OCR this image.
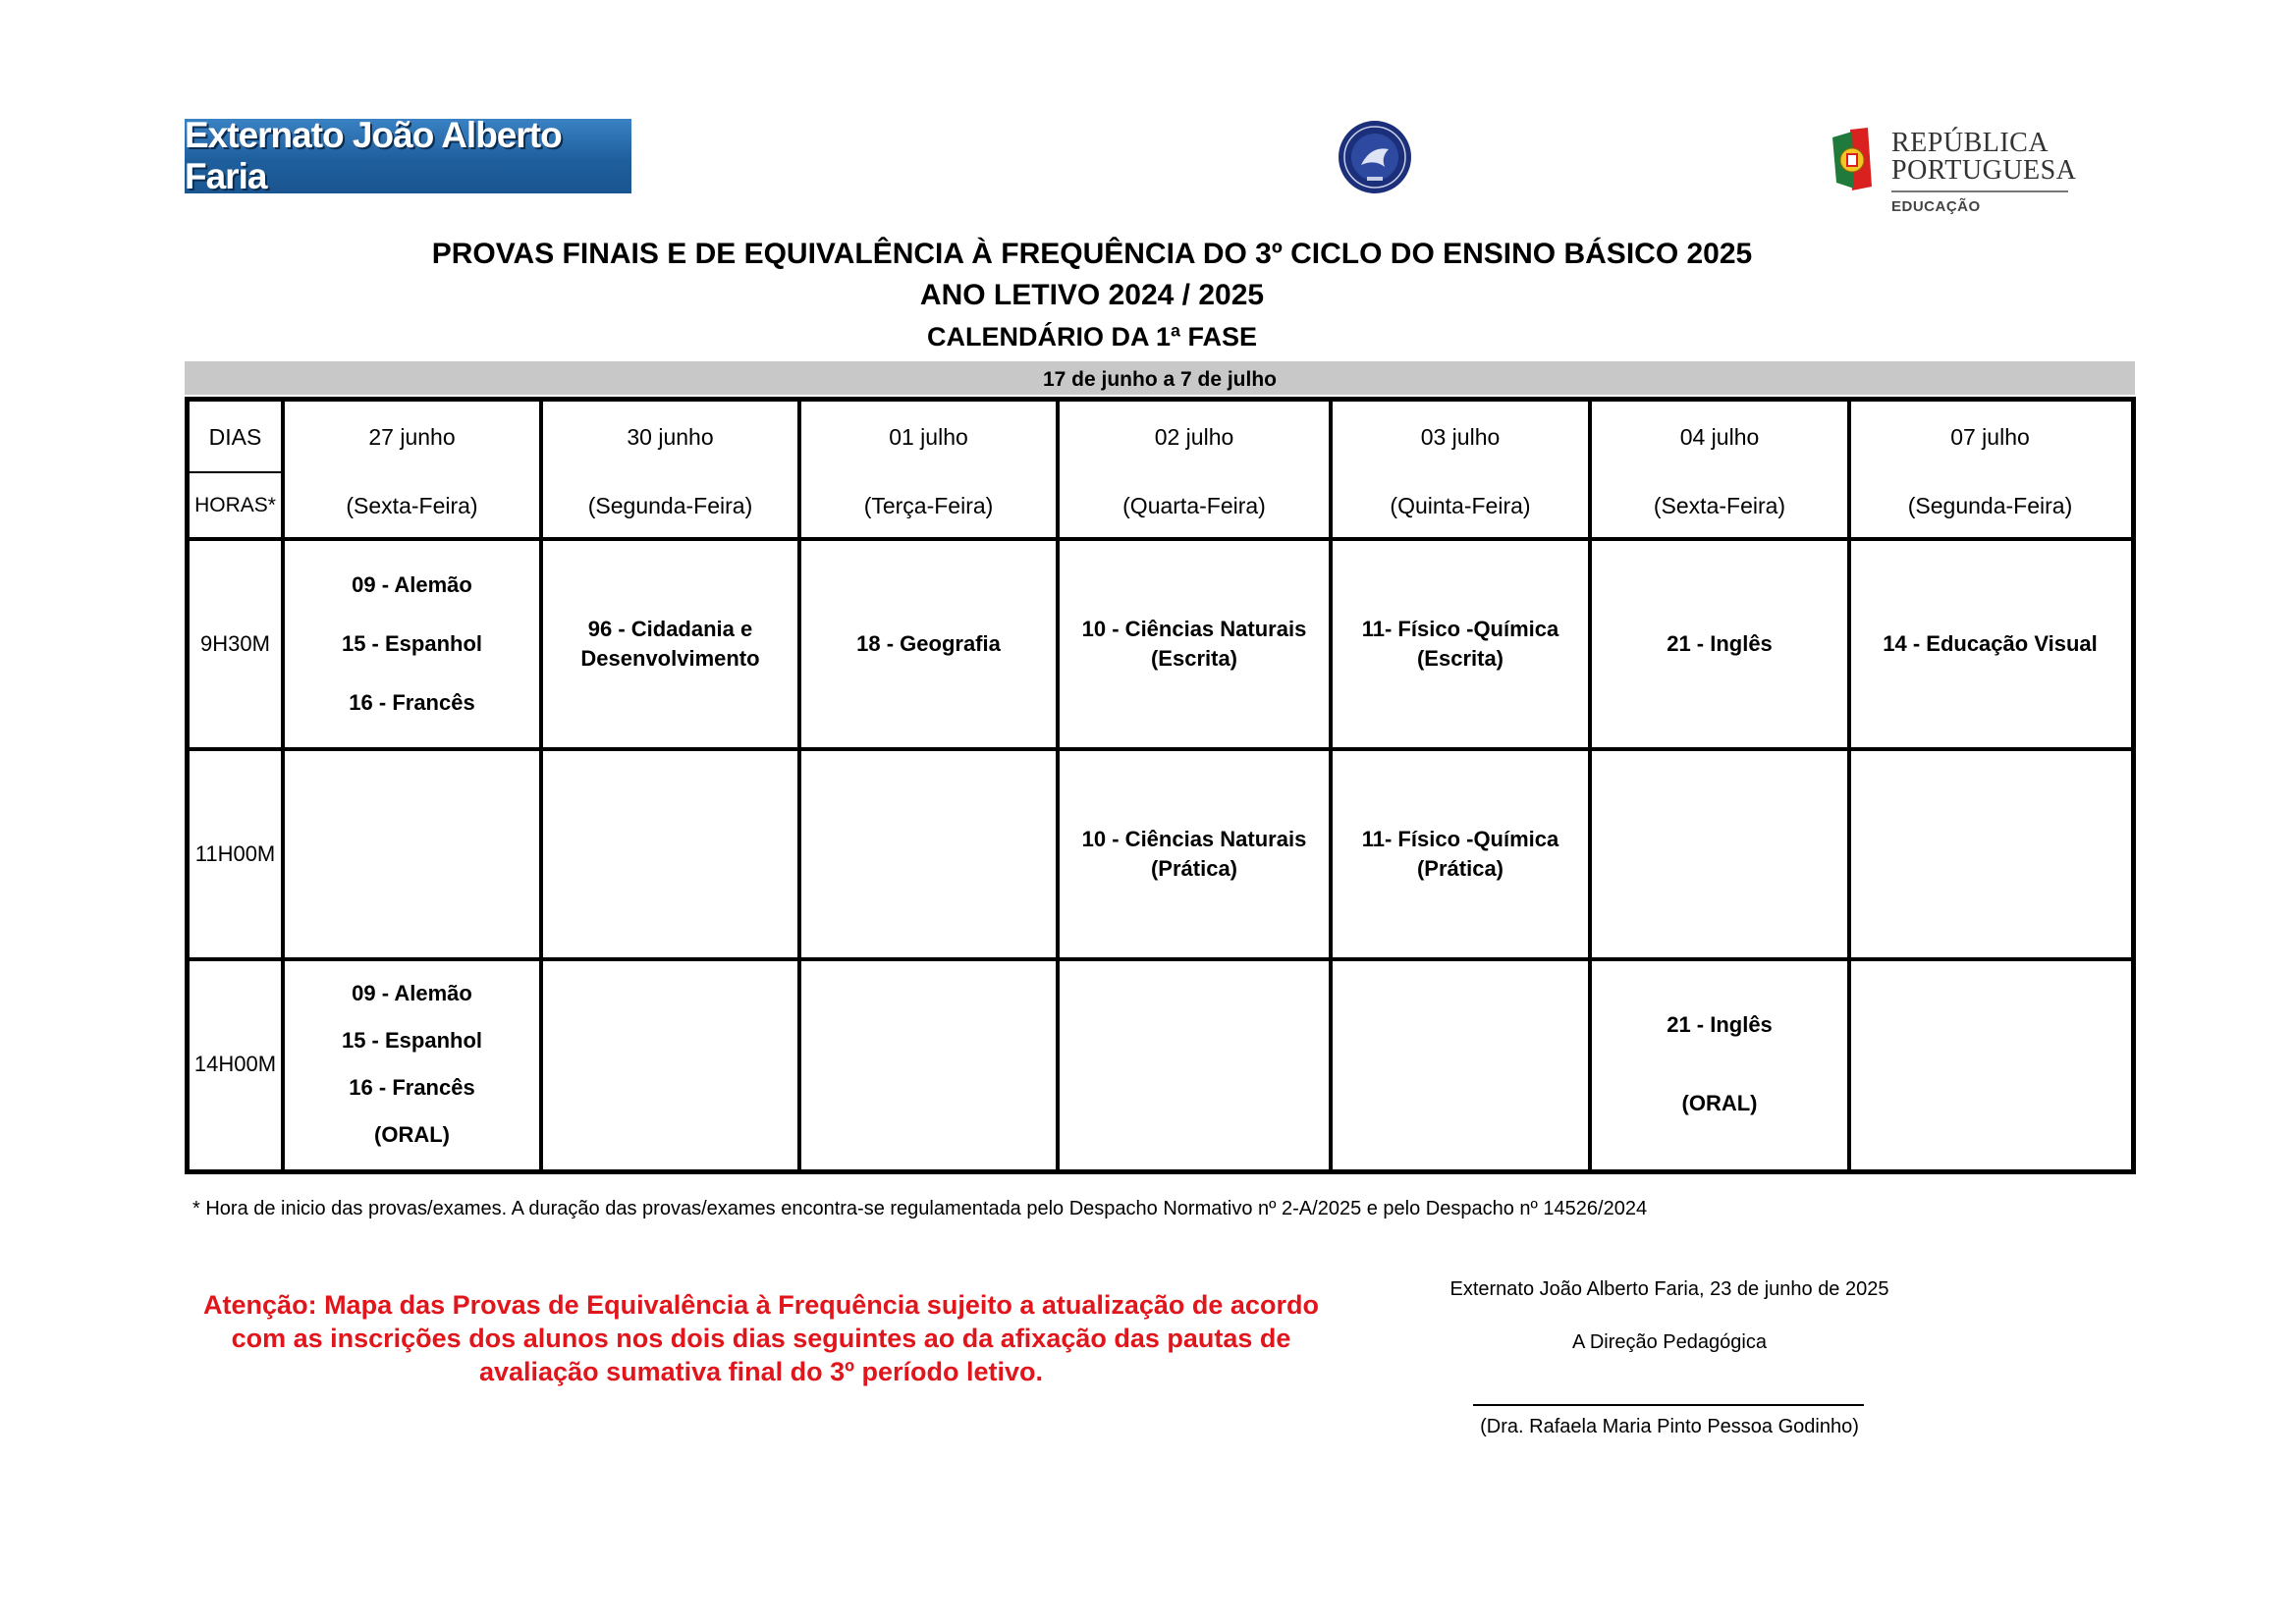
Externato João Alberto Faria
REPÚBLICA
PORTUGUESA
EDUCAÇÃO
PROVAS FINAIS E DE EQUIVALÊNCIA À FREQUÊNCIA DO 3º CICLO DO ENSINO BÁSICO 2025
ANO LETIVO 2024 / 2025
CALENDÁRIO DA 1ª FASE
17 de junho a 7 de julho
DIAS
HORAS*
27 junho
(Sexta-Feira)
30 junho
(Segunda-Feira)
01 julho
(Terça-Feira)
02 julho
(Quarta-Feira)
03 julho
(Quinta-Feira)
04 julho
(Sexta-Feira)
07 julho
(Segunda-Feira)
9H30M
09 - Alemão
15 - Espanhol
16 - Francês
96 - Cidadania e
Desenvolvimento
18 - Geografia
10 - Ciências Naturais
(Escrita)
11- Físico -Química
(Escrita)
21 - Inglês	14 - Educação Visual
11H00M
10 - Ciências Naturais
(Prática)
11- Físico -Química
(Prática)
14H00M
09 - Alemão
15 - Espanhol
16 - Francês
(ORAL)
21 - Inglês
(ORAL)
* Hora de inicio das provas/exames. A duração das provas/exames encontra-se regulamentada pelo Despacho Normativo nº 2-A/2025 e pelo Despacho nº 14526/2024
Atenção: Mapa das Provas de Equivalência à Frequência sujeito a atualização de acordo
com as inscrições dos alunos nos dois dias seguintes ao da afixação das pautas de
avaliação sumativa final do 3º período letivo.
Externato João Alberto Faria, 23 de junho de 2025
A Direção Pedagógica
(Dra. Rafaela Maria Pinto Pessoa Godinho)
